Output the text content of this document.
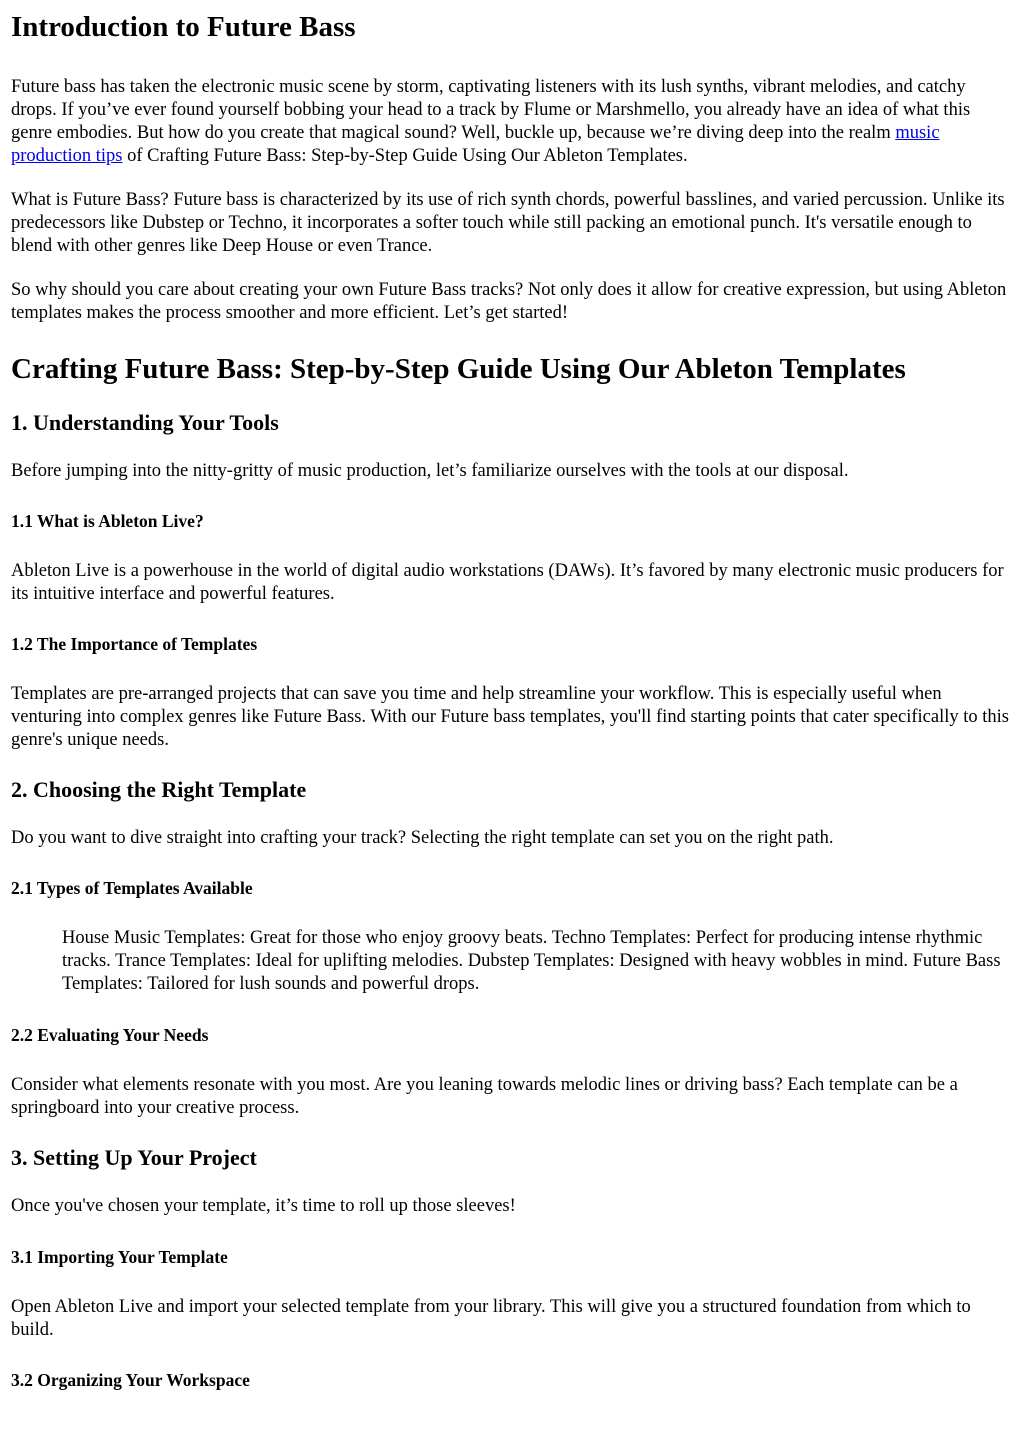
Introduction to Future Bass

Future bass has taken the electronic music scene by storm, captivating listeners with its lush synths, vibrant melodies, and catchy drops. If you’ve ever found yourself bobbing your head to a track by Flume or Marshmello, you already have an idea of what this genre embodies. But how do you create that magical sound? Well, buckle up, because we’re diving deep into the realm music production tips of Crafting Future Bass: Step-by-Step Guide Using Our Ableton Templates.

What is Future Bass? Future bass is characterized by its use of rich synth chords, powerful basslines, and varied percussion. Unlike its predecessors like Dubstep or Techno, it incorporates a softer touch while still packing an emotional punch. It's versatile enough to blend with other genres like Deep House or even Trance.

So why should you care about creating your own Future Bass tracks? Not only does it allow for creative expression, but using Ableton templates makes the process smoother and more efficient. Let’s get started!

Crafting Future Bass: Step-by-Step Guide Using Our Ableton Templates
1. Understanding Your Tools

Before jumping into the nitty-gritty of music production, let’s familiarize ourselves with the tools at our disposal.

1.1 What is Ableton Live?

Ableton Live is a powerhouse in the world of digital audio workstations (DAWs). It’s favored by many electronic music producers for its intuitive interface and powerful features.

1.2 The Importance of Templates

Templates are pre-arranged projects that can save you time and help streamline your workflow. This is especially useful when venturing into complex genres like Future Bass. With our Future bass templates, you'll find starting points that cater specifically to this genre's unique needs.

2. Choosing the Right Template

Do you want to dive straight into crafting your track? Selecting the right template can set you on the right path.

2.1 Types of Templates Available
House Music Templates: Great for those who enjoy groovy beats. Techno Templates: Perfect for producing intense rhythmic tracks. Trance Templates: Ideal for uplifting melodies. Dubstep Templates: Designed with heavy wobbles in mind. Future Bass Templates: Tailored for lush sounds and powerful drops.
2.2 Evaluating Your Needs

Consider what elements resonate with you most. Are you leaning towards melodic lines or driving bass? Each template can be a springboard into your creative process.

3. Setting Up Your Project

Once you've chosen your template, it’s time to roll up those sleeves!

3.1 Importing Your Template

Open Ableton Live and import your selected template from your library. This will give you a structured foundation from which to build.

3.2 Organizing Your Workspace
